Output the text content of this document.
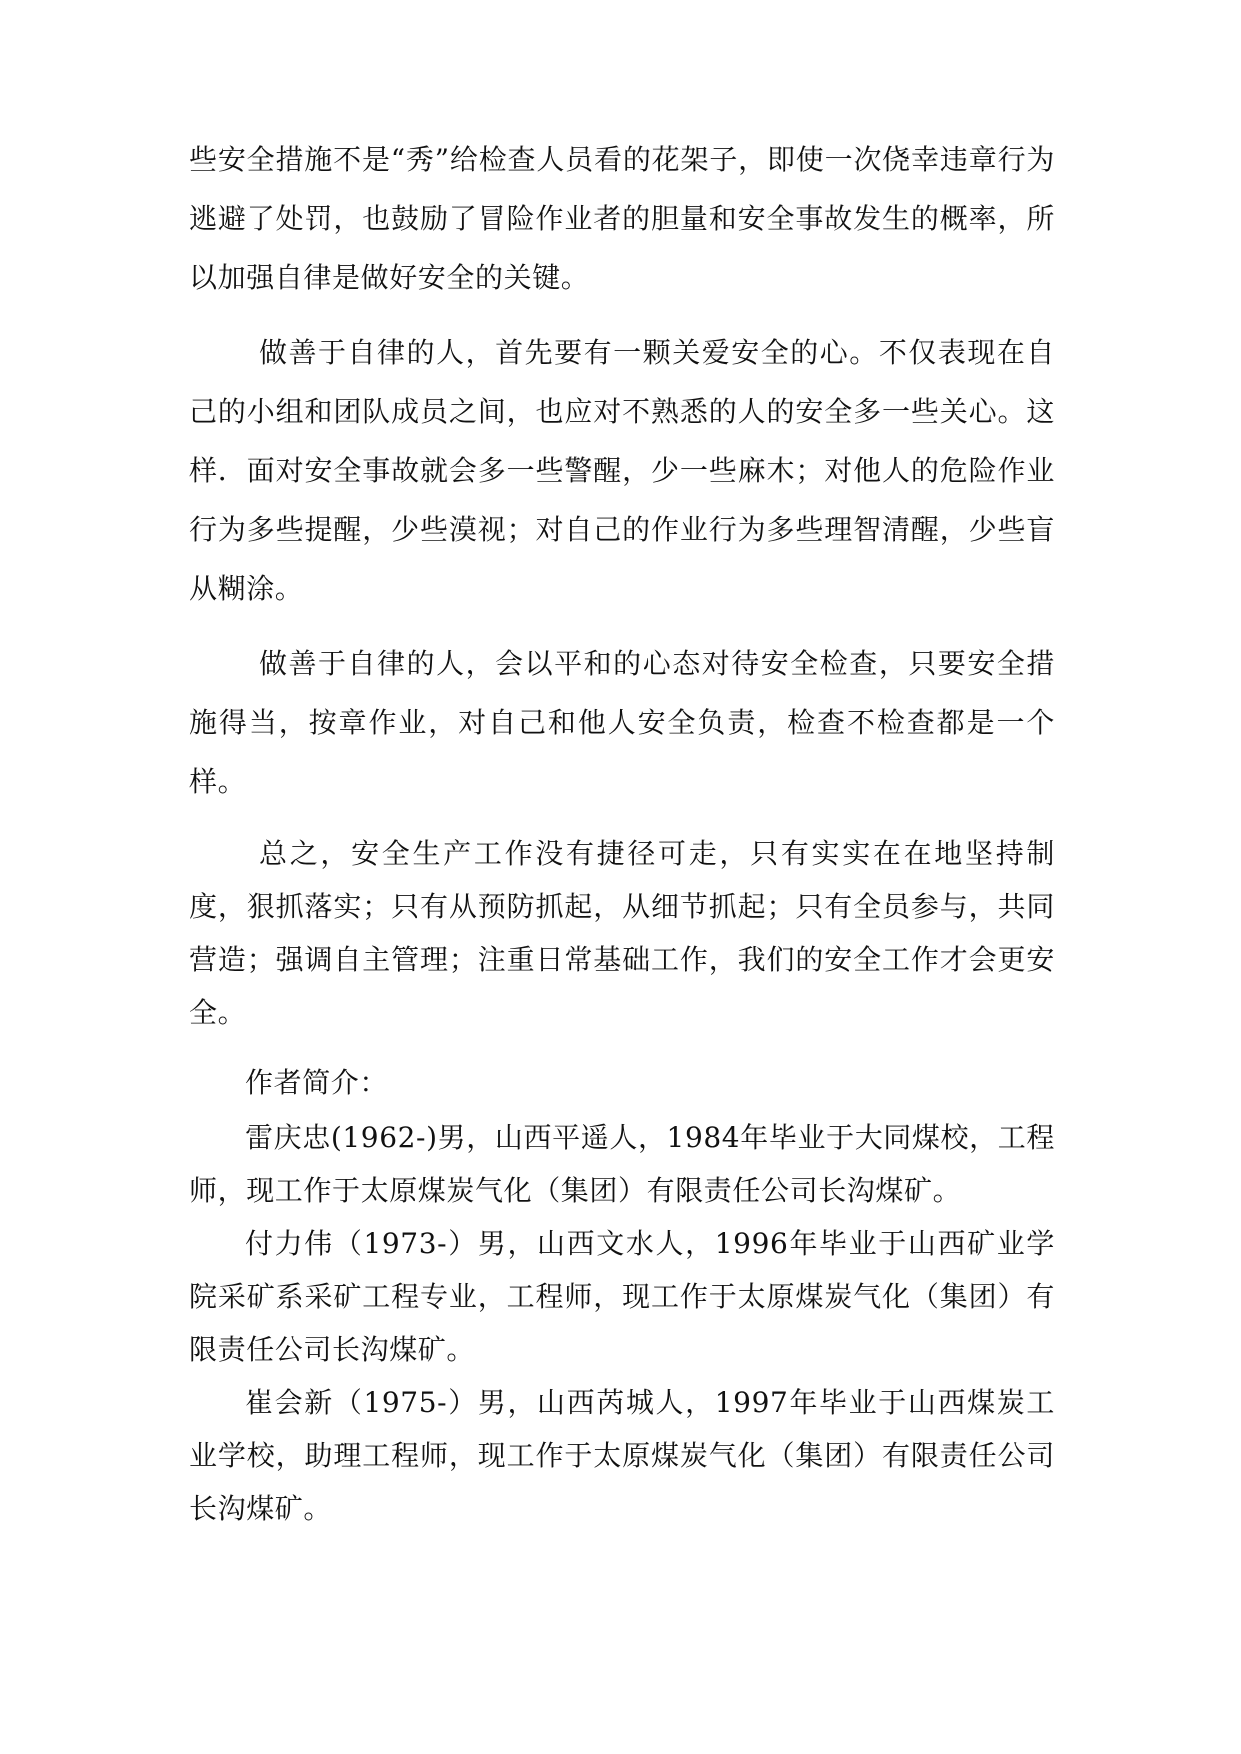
些安全措施不是“秀”给检查人员看的花架子，即使一次侥幸违章行为逃避了处罚，也鼓励了冒险作业者的胆量和安全事故发生的概率，所以加强自律是做好安全的关键。

做善于自律的人，首先要有一颗关爱安全的心。不仅表现在自己的小组和团队成员之间，也应对不熟悉的人的安全多一些关心。这样．面对安全事故就会多一些警醒，少一些麻木；对他人的危险作业行为多些提醒，少些漠视；对自己的作业行为多些理智清醒，少些盲从糊涂。

做善于自律的人，会以平和的心态对待安全检查，只要安全措施得当，按章作业，对自己和他人安全负责，检查不检查都是一个样。

总之，安全生产工作没有捷径可走，只有实实在在地坚持制度，狠抓落实；只有从预防抓起，从细节抓起；只有全员参与，共同营造；强调自主管理；注重日常基础工作，我们的安全工作才会更安全。

作者简介：

雷庆忠(1962-)男，山西平遥人，1984年毕业于大同煤校，工程师，现工作于太原煤炭气化（集团）有限责任公司长沟煤矿。

付力伟（1973-）男，山西文水人，1996年毕业于山西矿业学院采矿系采矿工程专业，工程师，现工作于太原煤炭气化（集团）有限责任公司长沟煤矿。

崔会新（1975-）男，山西芮城人，1997年毕业于山西煤炭工业学校，助理工程师，现工作于太原煤炭气化（集团）有限责任公司长沟煤矿。
